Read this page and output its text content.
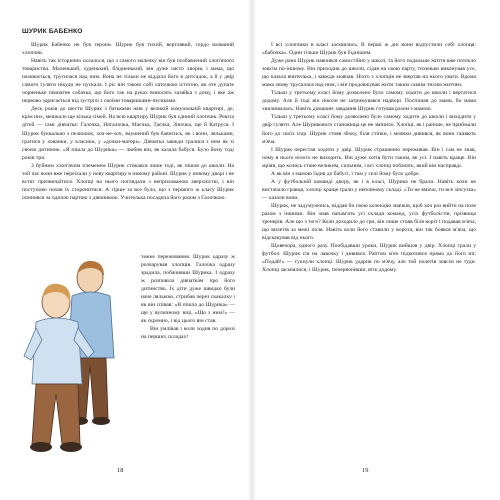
ШУРИК БАБЕНКО

Шурик Бабенко не був героєм. Шурик був тихий, вертлявий, гордо названий хлопчик.

Навіть так історично склалося, що з самого малечку він був позбавлений хлоп'ячого товариства. Маленький, худенький, блідненький, він дуже часто хворів, і мама, що називається, трусилася над ним. Вона не тільки не віддала його в дитсадок, а й у двір самого гуляти нікуди не пускала. І ріс він такою собі латочкою істотою, як оте дупате чорненьке пімнатне собачка, що його так на руках виносять хазяйка з дому, і яке аж нервово здригається від зустрічі з своїми товаришами-песиками.

Десь років до шести Шурик з батьками жив у великій комунальній квартирі, де, крім них, мешкало ще кілька сімей. На всю квартиру Шурик був єдиний хлопчик. Решта дітей — самі дівчатка: Галочка, Наталочка, Маєчка, Таєчка, Зіночка, ще й Катруся. І Шурик буквально з пелюшок, хоч-не-хоч, змушений був бавитись, як і вони, ляльками, гратися у хованки, у класики, у «дочки-матері». Дівчатка завжди гралися з ним як зі своєю дитиною. «Я пішла до Шурика» — любив він, як казала бабуся. Було йому тоді років три.

З буйним хлоп'ячим племенем Шурик стикався лише тоді, як пішов до школи. На той час вони вже переїхали у нову квартиру в іншому районі. Шурик у новому дворі і не встиг призвичаїтися. Хлопці на нього поглядали з неприхованою зверхністю, і він поступово почав їх сторонитися. А гірше за все було, що з першого ж класу Шурик опинився за однією партою з дівчинкою. Учителька посадила його разом з Галочкою.

тежке переживання. Шурик одразу ж розчарував хлопців. Галочка одразу зрадила, побачивши Шурика. І одразу ж розповіла дівчаткам про його дитинство. Їх діти дуже швидко були наче лялькою, стрибав через скакалку і як він співав: «Я пішла до Шурика» — ще у вуличному віці, «Що з ним?» — як скромно, і від цього він став.

Він умлівав і коли ходив по дорозі на перших складах!

18

І всі хлопчики в класі засміялись. В перші ж дні вони відпустили собі хлопця: «бабочка». Один тільки Шурик був біднішим.

Дуже рано Шурик навчився самостійно у школі, та його подальше життя вже потекло зовсім по-іншому. Він приходив до школи, сідав на свою парту, тихенько виконував усе, що казала вчителька, і завжди мовчав. Ніхто з хлопців не звертав на нього уваги. Вдома мама знову трусилася над ним, і він продовжував жити таким самим тихим життям.

Тільки у третьому класі йому дозволено було самому ходити до школи і вертатися додому. Але й тоді він ніколи не затримувався надворі. Поспішав до мами, бо мама хвилювалась. Навіть домашнє завдання Шурик готував разом з мамою.

Тільки у третьому класі йому дозволено було самому ходити до школи і виходити у двір гуляти. Але Шурикового становища це не змінило. Хлопці, як і раніше, не приймали його до своїх ігор. Шурик стояв збоку, біля стінки, і мовчки дивився, як вони ганяють м'яча.

І Шурик перестав ходити у двір. Шурик страшенно переживав. Він і сам не знав, чому в нього нічого не виходить. Він дуже хотів бути таким, як усі. І навіть краще. Він мріяв, що колись стане великим, сильним, і всі хлопці побачать, який він насправді.

А як він з мамою їздив до бабусі, і там у селі йому було добре.

А у футбольній команді двору, як і в класі, Шурика не брали. Навіть коли не вистачало гравця, хлопці краще грали у неповному складі. «Ти не вмієш, ти все зіпсуєш» — казали вони.

Шурик, не задумуючись, віддав би свою колекцію значків, щоб хоч раз вийти на поле разом з іншими. Він знав напам'ять усі склади команд, усіх футболістів, прізвища тренерів. Але що з того? Коли доходило до гри, він лише стояв біля воріт і подавав м'яча, що вилетів за межі поля. Навіть коли його ставили у ворота, він так боявся м'яча, що відскакував від нього.

Щовечора, одного разу. Пообідавши уроки, Шурик вийшов у двір. Хлопці грали у футбол. Шурик сів на лавочку і дивився. Раптом м'яч підкотився прямо до його ніг. «Подай!» — гукнули хлопці. Шурик ударив по м'ячу, але той полетів зовсім не туди. Хлопці засміялися, і Шурик, почервонівши, втік додому.

19
